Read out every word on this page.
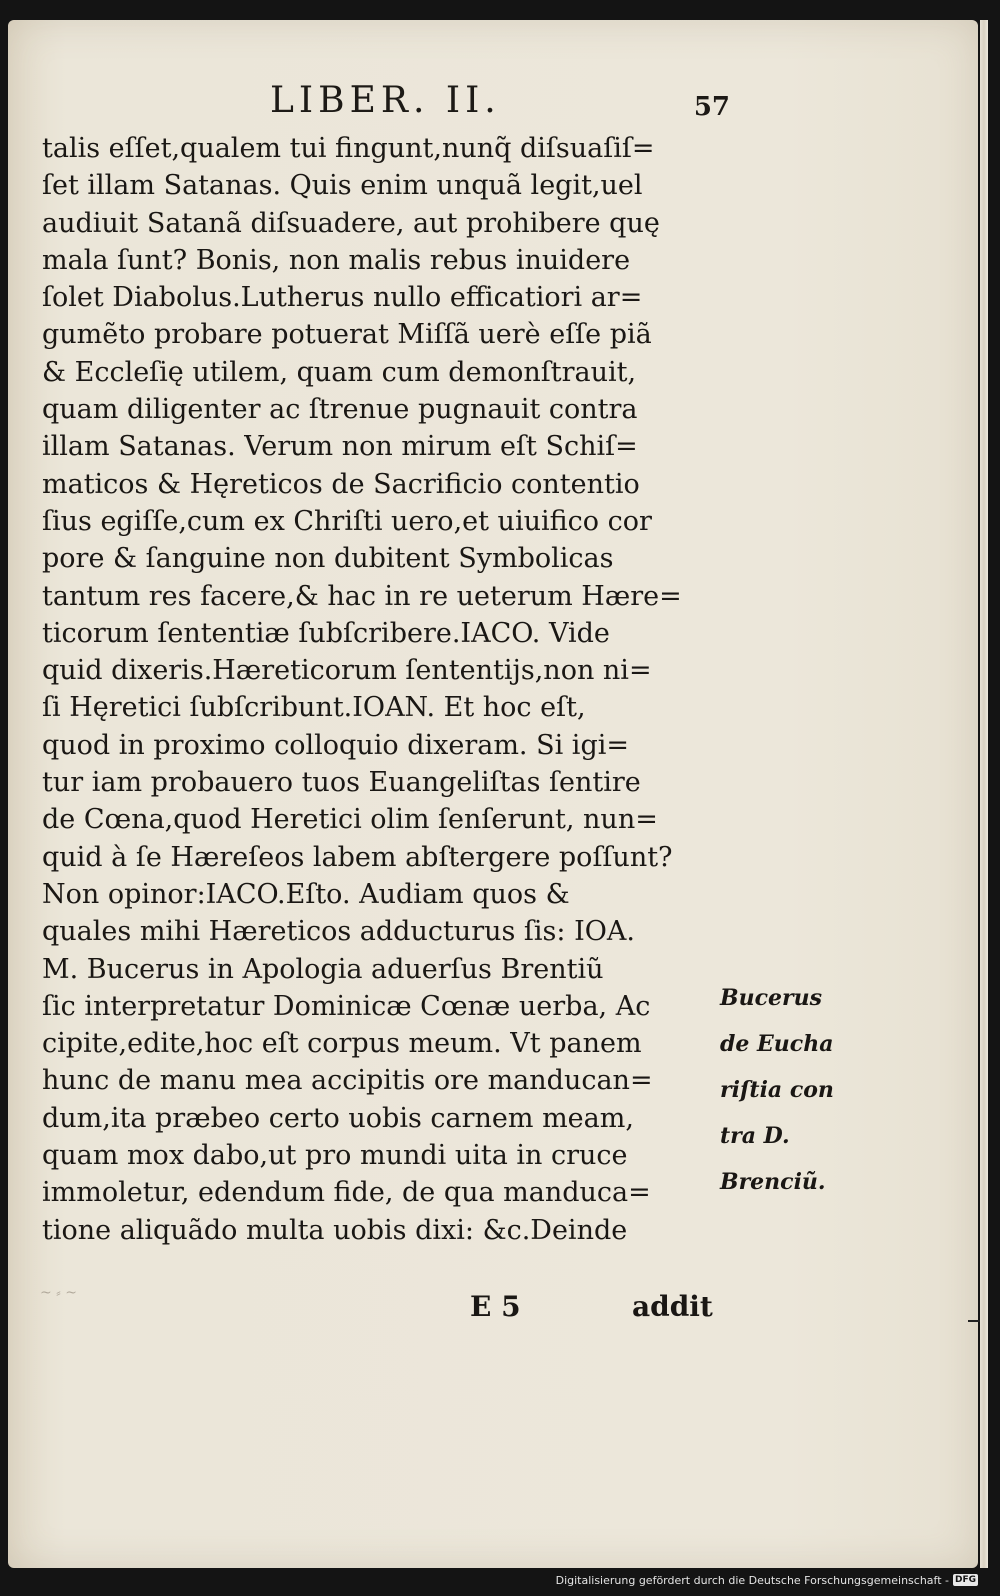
LIBER. II.	57
talis eſſet,qualem tui fingunt,nunq̃ diſsuaſiſ=
ſet illam Satanas. Quis enim unquã legit,uel
audiuit Satanã diſsuadere, aut prohibere quę
mala ſunt? Bonis, non malis rebus inuidere
ſolet Diabolus.Lutherus nullo efficatiori ar=
gumẽto probare potuerat Miſſã uerè eſſe piã
& Eccleſię utilem, quam cum demonſtrauit,
quam diligenter ac ſtrenue pugnauit contra
illam Satanas. Verum non mirum eſt Schiſ=
maticos & Hęreticos de Sacrificio contentio
ſius egiſſe,cum ex Chriſti uero,et uiuifico cor
pore & ſanguine non dubitent Symbolicas
tantum res facere,& hac in re ueterum Hære=
ticorum ſententiæ ſubſcribere.IACO. Vide
quid dixeris.Hæreticorum ſententijs,non ni=
ſi Hęretici ſubſcribunt.IOAN. Et hoc eſt,
quod in proximo colloquio dixeram. Si igi=
tur iam probauero tuos Euangeliſtas ſentire
de Cœna,quod Heretici olim ſenſerunt, nun=
quid à ſe Hæreſeos labem abſtergere poſſunt?
Non opinor:IACO.Eſto. Audiam quos &
quales mihi Hæreticos adducturus ſis: IOA.
M. Bucerus in Apologia aduerſus Brentiũ
ſic interpretatur Dominicæ Cœnæ uerba, Ac
cipite,edite,hoc eſt corpus meum. Vt panem
hunc de manu mea accipitis ore manducan=
dum,ita præbeo certo uobis carnem meam,
quam mox dabo,ut pro mundi uita in cruce
immoletur, edendum fide, de qua manduca=
tione aliquãdo multa uobis dixi: &c.Deinde
Bucerus
de Eucha
riſtia con
tra D.
Brenciũ.
E 5	addit
~ ⸗ ~
Digitalisierung gefördert durch die Deutsche Forschungsgemeinschaft - DFG
